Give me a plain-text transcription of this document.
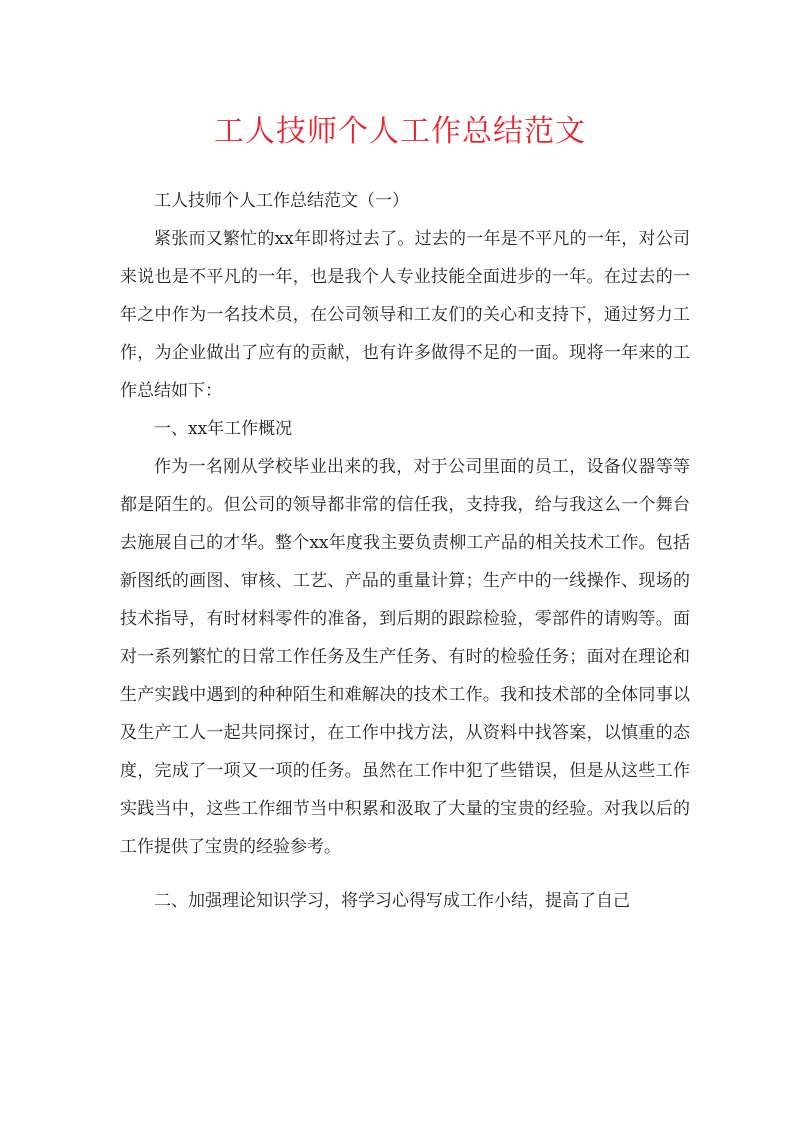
工人技师个人工作总结范文

工人技师个人工作总结范文（一）

紧张而又繁忙的xx年即将过去了。过去的一年是不平凡的一年，对公司来说也是不平凡的一年，也是我个人专业技能全面进步的一年。在过去的一年之中作为一名技术员，在公司领导和工友们的关心和支持下，通过努力工作，为企业做出了应有的贡献，也有许多做得不足的一面。现将一年来的工作总结如下：

一、xx年工作概况

作为一名刚从学校毕业出来的我，对于公司里面的员工，设备仪器等等都是陌生的。但公司的领导都非常的信任我，支持我，给与我这么一个舞台去施展自己的才华。整个xx年度我主要负责柳工产品的相关技术工作。包括新图纸的画图、审核、工艺、产品的重量计算；生产中的一线操作、现场的技术指导，有时材料零件的准备，到后期的跟踪检验，零部件的请购等。面对一系列繁忙的日常工作任务及生产任务、有时的检验任务；面对在理论和生产实践中遇到的种种陌生和难解决的技术工作。我和技术部的全体同事以及生产工人一起共同探讨，在工作中找方法，从资料中找答案，以慎重的态度，完成了一项又一项的任务。虽然在工作中犯了些错误，但是从这些工作实践当中，这些工作细节当中积累和汲取了大量的宝贵的经验。对我以后的工作提供了宝贵的经验参考。

二、加强理论知识学习，将学习心得写成工作小结，提高了自己
